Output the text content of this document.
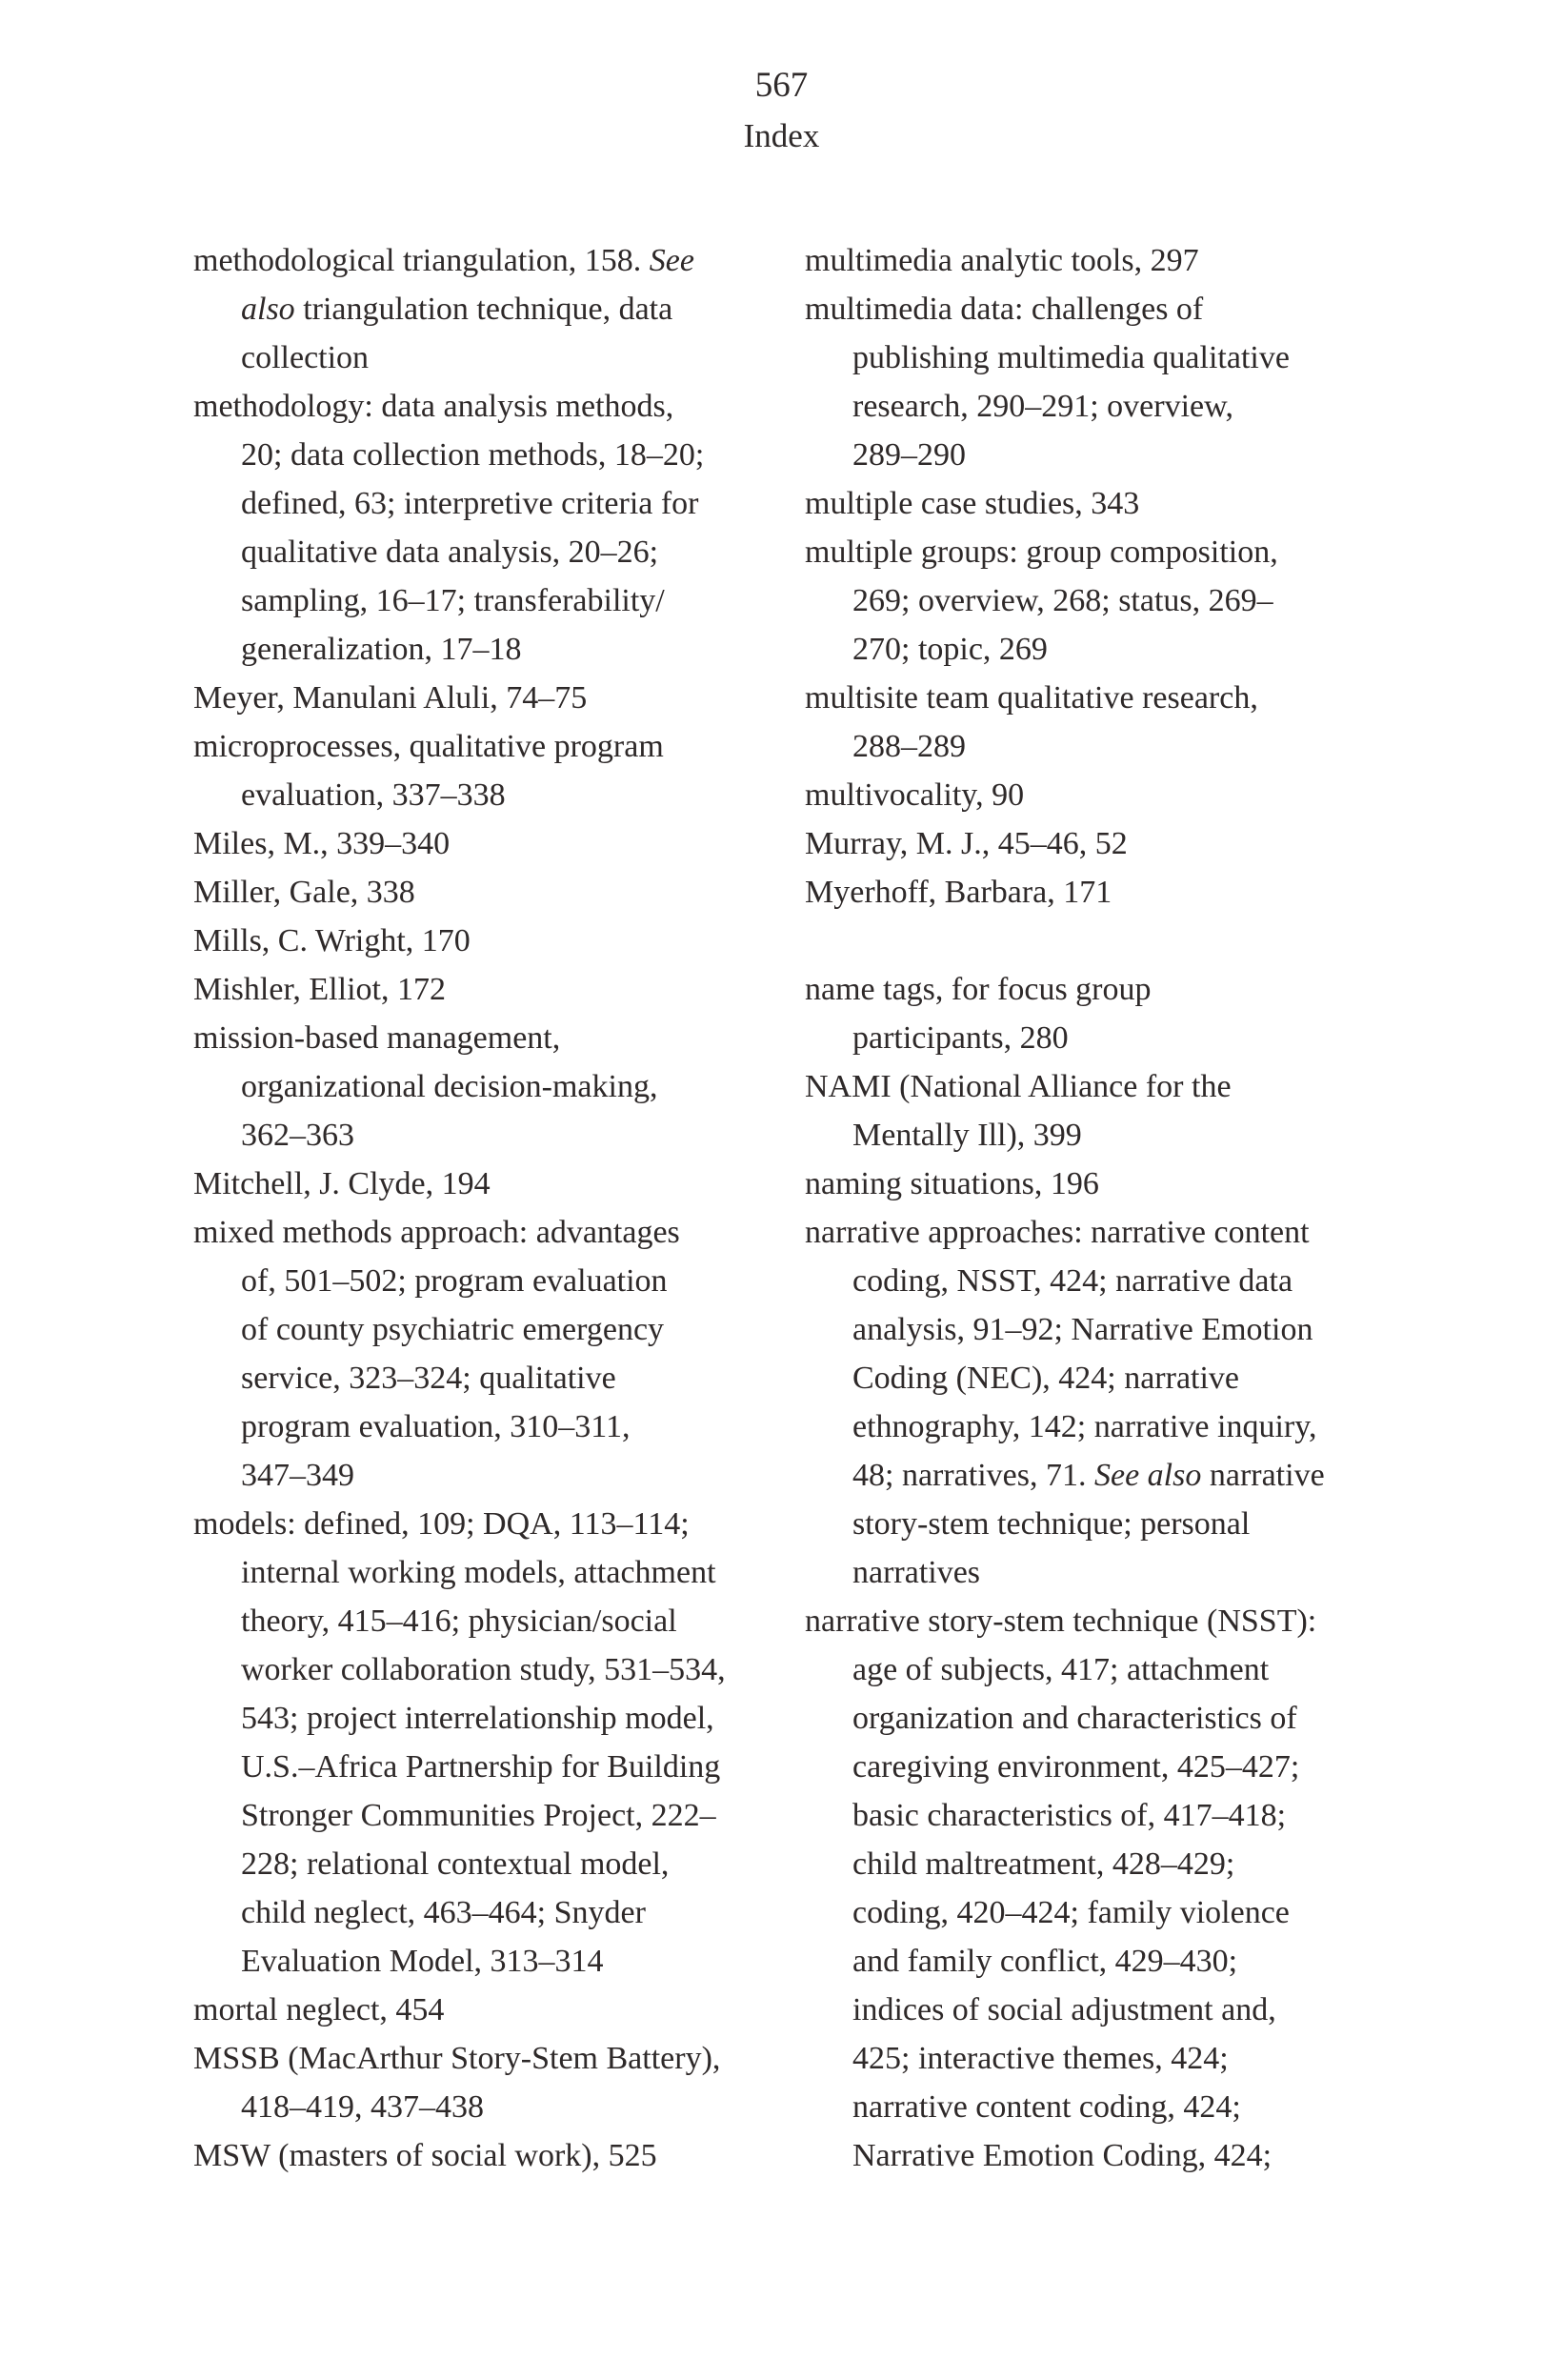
567
Index
methodological triangulation, 158. See
also triangulation technique, data
collection
methodology: data analysis methods,
20; data collection methods, 18–20;
defined, 63; interpretive criteria for
qualitative data analysis, 20–26;
sampling, 16–17; transferability/
generalization, 17–18
Meyer, Manulani Aluli, 74–75
microprocesses, qualitative program
evaluation, 337–338
Miles, M., 339–340
Miller, Gale, 338
Mills, C. Wright, 170
Mishler, Elliot, 172
mission-based management,
organizational decision-making,
362–363
Mitchell, J. Clyde, 194
mixed methods approach: advantages
of, 501–502; program evaluation
of county psychiatric emergency
service, 323–324; qualitative
program evaluation, 310–311,
347–349
models: defined, 109; DQA, 113–114;
internal working models, attachment
theory, 415–416; physician/social
worker collaboration study, 531–534,
543; project interrelationship model,
U.S.–Africa Partnership for Building
Stronger Communities Project, 222–
228; relational contextual model,
child neglect, 463–464; Snyder
Evaluation Model, 313–314
mortal neglect, 454
MSSB (MacArthur Story-Stem Battery),
418–419, 437–438
MSW (masters of social work), 525
multimedia analytic tools, 297
multimedia data: challenges of
publishing multimedia qualitative
research, 290–291; overview,
289–290
multiple case studies, 343
multiple groups: group composition,
269; overview, 268; status, 269–
270; topic, 269
multisite team qualitative research,
288–289
multivocality, 90
Murray, M. J., 45–46, 52
Myerhoff, Barbara, 171
name tags, for focus group
participants, 280
NAMI (National Alliance for the
Mentally Ill), 399
naming situations, 196
narrative approaches: narrative content
coding, NSST, 424; narrative data
analysis, 91–92; Narrative Emotion
Coding (NEC), 424; narrative
ethnography, 142; narrative inquiry,
48; narratives, 71. See also narrative
story-stem technique; personal
narratives
narrative story-stem technique (NSST):
age of subjects, 417; attachment
organization and characteristics of
caregiving environment, 425–427;
basic characteristics of, 417–418;
child maltreatment, 428–429;
coding, 420–424; family violence
and family conflict, 429–430;
indices of social adjustment and,
425; interactive themes, 424;
narrative content coding, 424;
Narrative Emotion Coding, 424;
